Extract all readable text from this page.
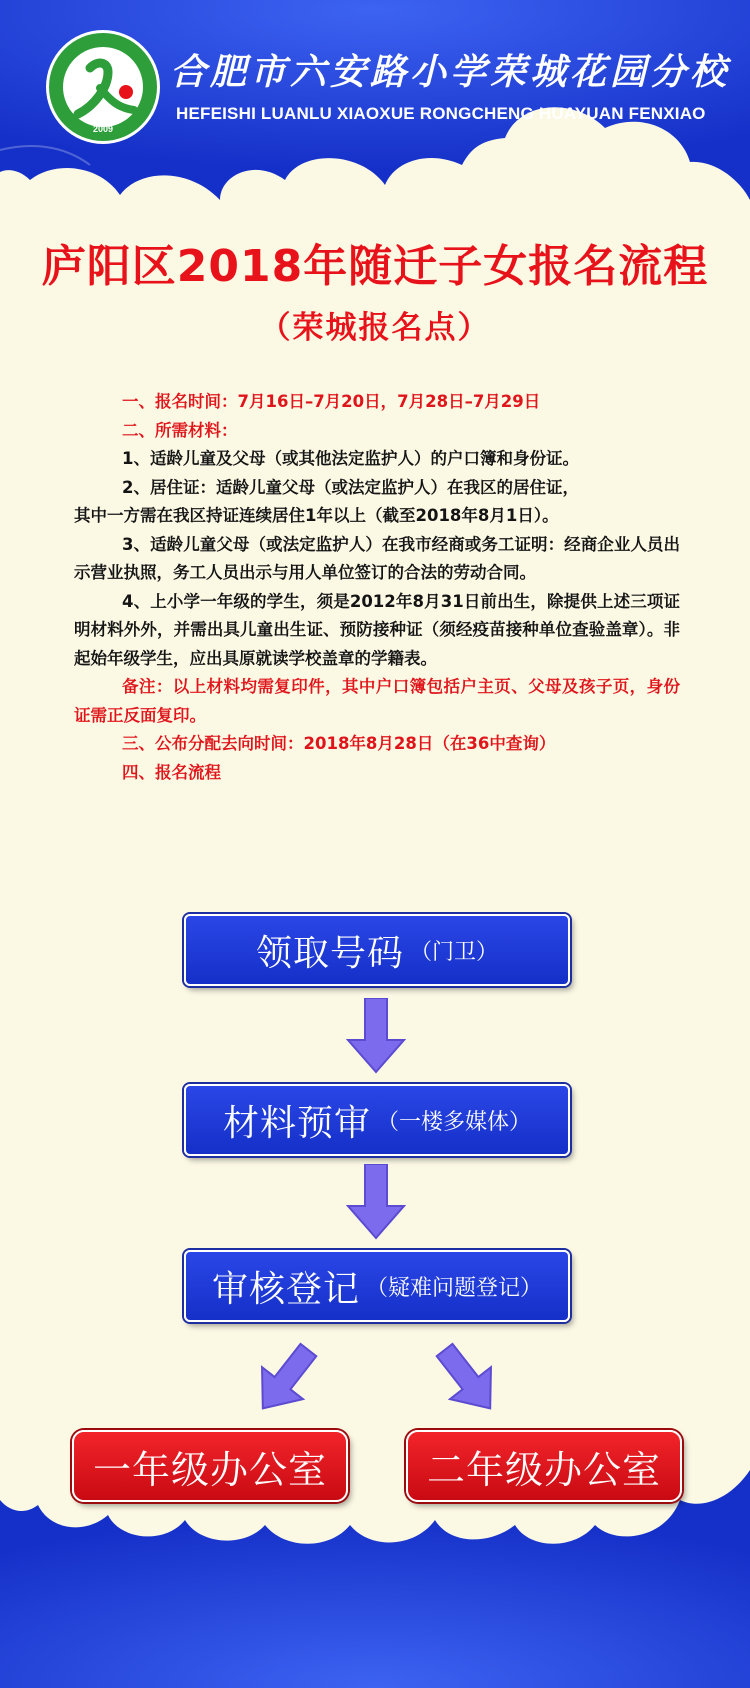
2009
合肥市六安路小学荣城花园分校
HEFEISHI LUANLU XIAOXUE RONGCHENG HUAYUAN FENXIAO
庐阳区2018年随迁子女报名流程
（荣城报名点）

一、报名时间：7月16日–7月20日，7月28日–7月29日

二、所需材料：

1、适龄儿童及父母（或其他法定监护人）的户口簿和身份证。

2、居住证：适龄儿童父母（或法定监护人）在我区的居住证，

其中一方需在我区持证连续居住1年以上（截至2018年8月1日）。

3、适龄儿童父母（或法定监护人）在我市经商或务工证明：经商企业人员出示营业执照，务工人员出示与用人单位签订的合法的劳动合同。

4、上小学一年级的学生，须是2012年8月31日前出生，除提供上述三项证明材料外外，并需出具儿童出生证、预防接种证（须经疫苗接种单位查验盖章）。非起始年级学生，应出具原就读学校盖章的学籍表。

备注：以上材料均需复印件，其中户口簿包括户主页、父母及孩子页，身份证需正反面复印。

三、公布分配去向时间：2018年8月28日（在36中查询）

四、报名流程

领取号码 （门卫）
材料预审 （一楼多媒体）
审核登记 （疑难问题登记）
一年级办公室	二年级办公室
